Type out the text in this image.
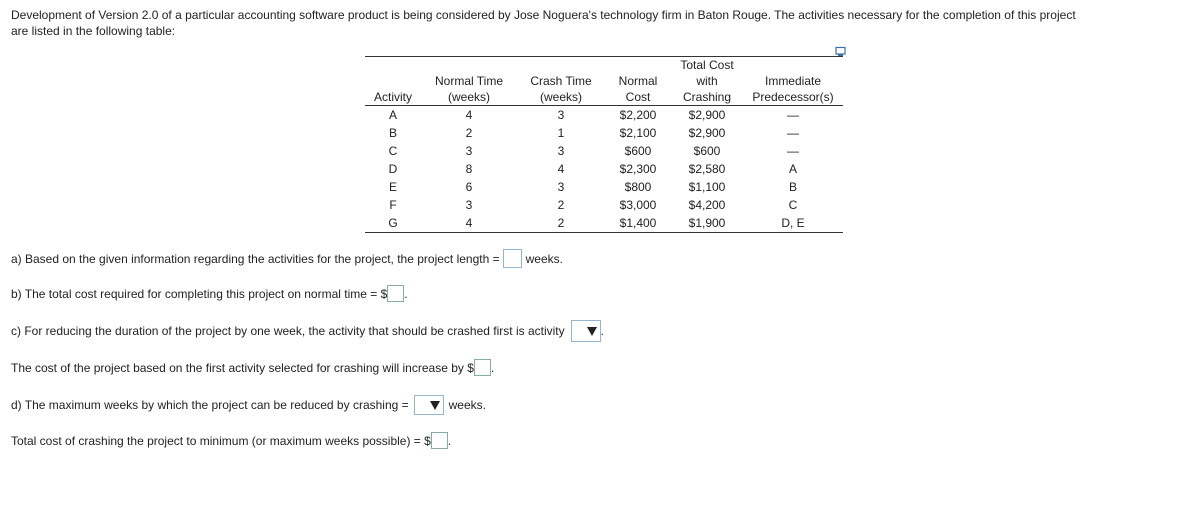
Development of Version 2.0 of a particular accounting software product is being considered by Jose Noguera's technology firm in Baton Rouge. The activities necessary for the completion of this project
are listed in the following table:
				Total Cost	
	Normal Time	Crash Time	Normal	with	Immediate
Activity	(weeks)	(weeks)	Cost	Crashing	Predecessor(s)
A	4	3	$2,200	$2,900	—
B	2	1	$2,100	$2,900	—
C	3	3	$600	$600	—
D	8	4	$2,300	$2,580	A
E	6	3	$800	$1,100	B
F	3	2	$3,000	$4,200	C
G	4	2	$1,400	$1,900	D, E
a) Based on the given information regarding the activities for the project, the project length = weeks.
b) The total cost required for completing this project on normal time = $ .
c) For reducing the duration of the project by one week, the activity that should be crashed first is activity	.
The cost of the project based on the first activity selected for crashing will increase by $ .
d) The maximum weeks by which the project can be reduced by crashing =	weeks.
Total cost of crashing the project to minimum (or maximum weeks possible) = $ .
